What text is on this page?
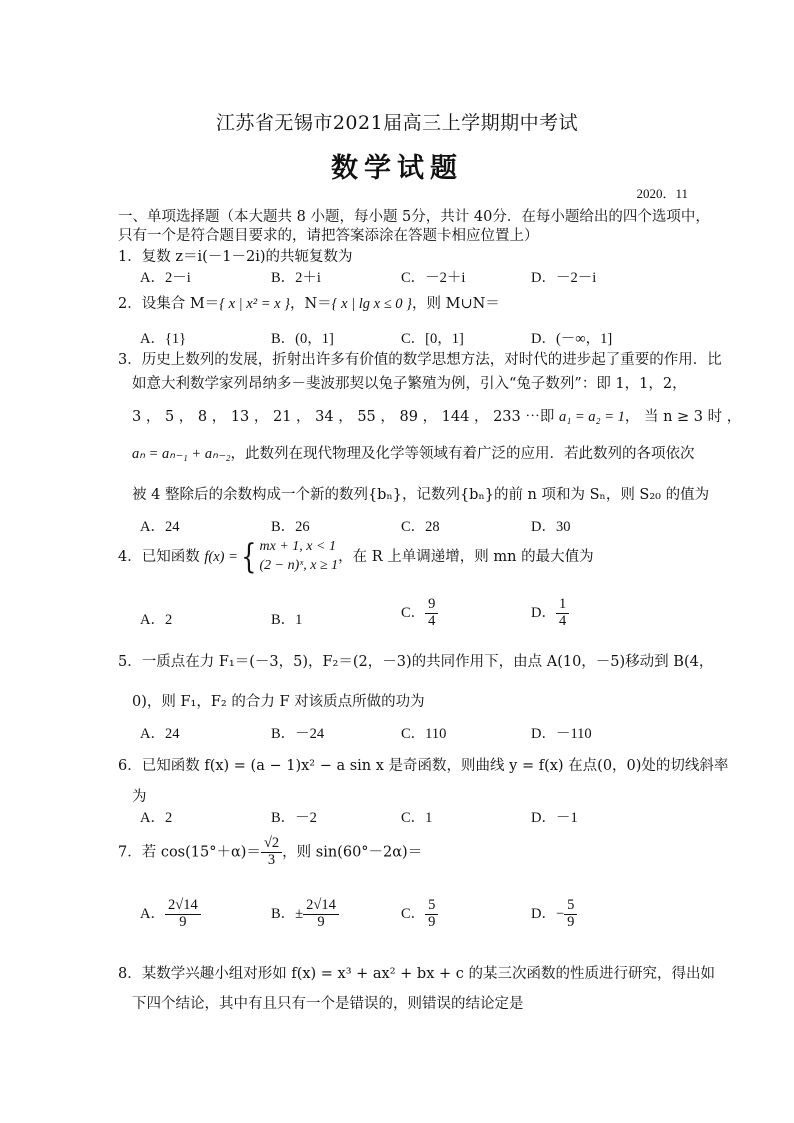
江苏省无锡市2021届高三上学期期中考试
数学试题
2020．11
一、单项选择题（本大题共 8 小题，每小题 5分，共计 40分．在每小题给出的四个选项中，
只有一个是符合题目要求的，请把答案添涂在答题卡相应位置上）
1．复数 z＝i(－1－2i)的共轭复数为
A．2－i	B．2＋i	C．－2＋i	D．－2－i
2．设集合 M＝{ x | x² = x }，N＝{ x | lg x ≤ 0 }，则 M∪N＝
A．{1}	B．(0，1]	C．[0，1]	D．(－∞，1]
3．历史上数列的发展，折射出许多有价值的数学思想方法，对时代的进步起了重要的作用．比
如意大利数学家列昂纳多－斐波那契以兔子繁殖为例，引入“兔子数列”：即 1，1，2，
3 ， 5 ， 8 ， 13 ， 21 ， 34 ， 55 ， 89 ， 144 ， 233 ⋯即 a₁ = a₂ = 1， 当 n ≥ 3 时 ，
aₙ = aₙ₋₁ + aₙ₋₂，此数列在现代物理及化学等领域有着广泛的应用．若此数列的各项依次
被 4 整除后的余数构成一个新的数列{bₙ}，记数列{bₙ}的前 n 项和为 Sₙ，则 S₂₀ 的值为
A．24	B．26	C．28	D．30
4．已知函数 f(x) ={ mx + 1, x < 1
(2 − n)ˣ, x ≥ 1
，在 R 上单调递增，则 mn 的最大值为
A．2	B．1	C． $\frac{9}{4}$	D． $\frac{1}{4}$
5．一质点在力 F₁＝(－3，5)，F₂＝(2，－3)的共同作用下，由点 A(10，－5)移动到 B(4，
0)，则 F₁，F₂ 的合力 F 对该质点所做的功为
A．24	B．－24	C．110	D．－110
6．已知函数 f(x) = (a − 1)x² − a sin x 是奇函数，则曲线 y = f(x) 在点(0，0)处的切线斜率
为
A．2	B．－2	C．1	D．－1
7．若 $\cos(15^\circ+\alpha)= \frac{√2}{3}$ ，则 sin(60°－2α)＝
A． $\frac{2√14}{9}$	B．± $\frac{2√14}{9}$	C． $\frac{5}{9}$	D．− $\frac{5}{9}$
8．某数学兴趣小组对形如 f(x) = x³ + ax² + bx + c 的某三次函数的性质进行研究，得出如
下四个结论，其中有且只有一个是错误的，则错误的结论定是
